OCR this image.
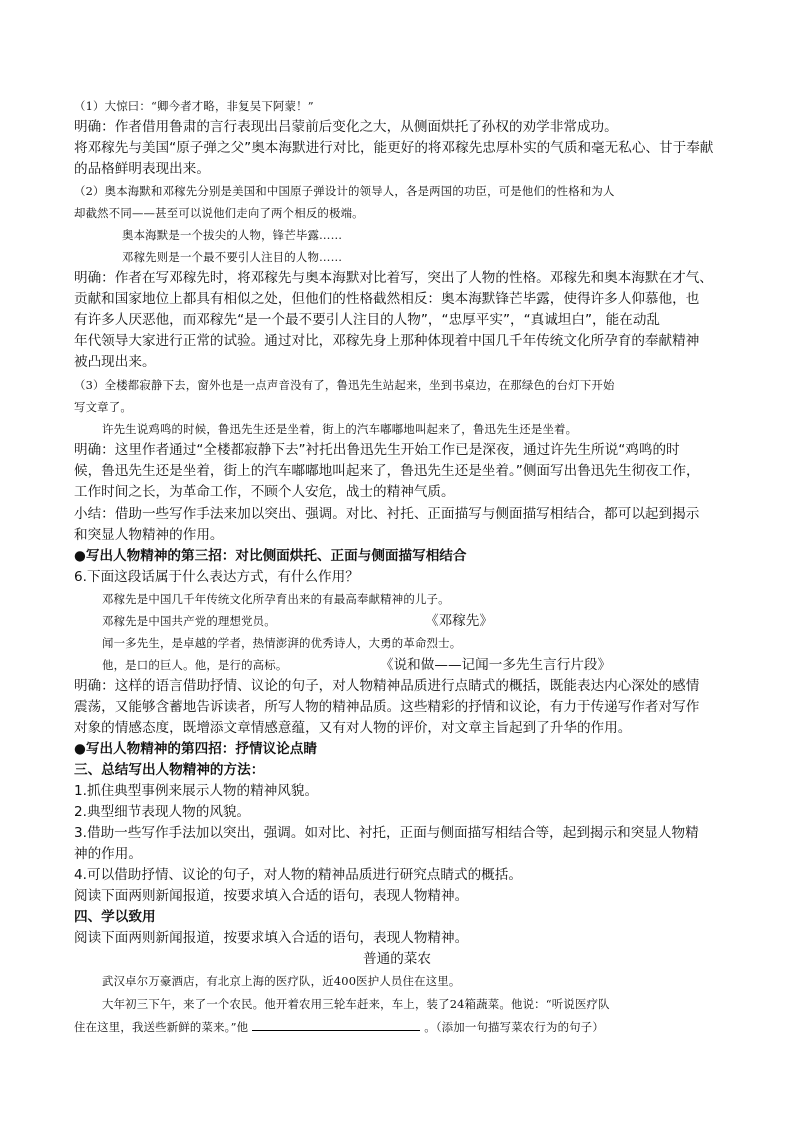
（1）大惊曰：“卿今者才略，非复吴下阿蒙！”
明确：作者借用鲁肃的言行表现出吕蒙前后变化之大，从侧面烘托了孙权的劝学非常成功。
将邓稼先与美国“原子弹之父”奥本海默进行对比，能更好的将邓稼先忠厚朴实的气质和毫无私心、甘于奉献
的品格鲜明表现出来。
（2）奥本海默和邓稼先分别是美国和中国原子弹设计的领导人，各是两国的功臣，可是他们的性格和为人
却截然不同——甚至可以说他们走向了两个相反的极端。
奥本海默是一个拔尖的人物，锋芒毕露……
邓稼先则是一个最不要引人注目的人物……
明确：作者在写邓稼先时，将邓稼先与奥本海默对比着写，突出了人物的性格。邓稼先和奥本海默在才气、
贡献和国家地位上都具有相似之处，但他们的性格截然相反：奥本海默锋芒毕露，使得许多人仰慕他，也
有许多人厌恶他，而邓稼先“是一个最不要引人注目的人物”，“忠厚平实”，“真诚坦白”，能在动乱
年代领导大家进行正常的试验。通过对比，邓稼先身上那种体现着中国几千年传统文化所孕育的奉献精神
被凸现出来。
（3）全楼都寂静下去，窗外也是一点声音没有了，鲁迅先生站起来，坐到书桌边，在那绿色的台灯下开始
写文章了。
许先生说鸡鸣的时候，鲁迅先生还是坐着，街上的汽车嘟嘟地叫起来了，鲁迅先生还是坐着。
明确：这里作者通过“全楼都寂静下去”衬托出鲁迅先生开始工作已是深夜，通过许先生所说“鸡鸣的时
候，鲁迅先生还是坐着，街上的汽车嘟嘟地叫起来了，鲁迅先生还是坐着。”侧面写出鲁迅先生彻夜工作，
工作时间之长，为革命工作，不顾个人安危，战士的精神气质。
小结：借助一些写作手法来加以突出、强调。对比、衬托、正面描写与侧面描写相结合，都可以起到揭示
和突显人物精神的作用。
●写出人物精神的第三招：对比侧面烘托、正面与侧面描写相结合
6.下面这段话属于什么表达方式，有什么作用？
邓稼先是中国几千年传统文化所孕育出来的有最高奉献精神的儿子。
邓稼先是中国共产党的理想党员。	《邓稼先》
闻一多先生，是卓越的学者，热情澎湃的优秀诗人，大勇的革命烈士。
他，是口的巨人。他，是行的高标。	《说和做——记闻一多先生言行片段》
明确：这样的语言借助抒情、议论的句子，对人物精神品质进行点睛式的概括，既能表达内心深处的感情
震荡，又能够含蓄地告诉读者，所写人物的精神品质。这些精彩的抒情和议论，有力于传递写作者对写作
对象的情感态度，既增添文章情感意蕴，又有对人物的评价，对文章主旨起到了升华的作用。
●写出人物精神的第四招：抒情议论点睛
三、总结写出人物精神的方法：
1.抓住典型事例来展示人物的精神风貌。
2.典型细节表现人物的风貌。
3.借助一些写作手法加以突出，强调。如对比、衬托，正面与侧面描写相结合等，起到揭示和突显人物精
神的作用。
4.可以借助抒情、议论的句子，对人物的精神品质进行研究点睛式的概括。
阅读下面两则新闻报道，按要求填入合适的语句，表现人物精神。
四、学以致用
阅读下面两则新闻报道，按要求填入合适的语句，表现人物精神。
普通的菜农
武汉卓尔万豪酒店，有北京上海的医疗队，近400医护人员住在这里。
大年初三下午，来了一个农民。他开着农用三轮车赶来，车上，装了24箱蔬菜。他说：“听说医疗队
住在这里，我送些新鲜的菜来。”他	。（添加一句描写菜农行为的句子）
